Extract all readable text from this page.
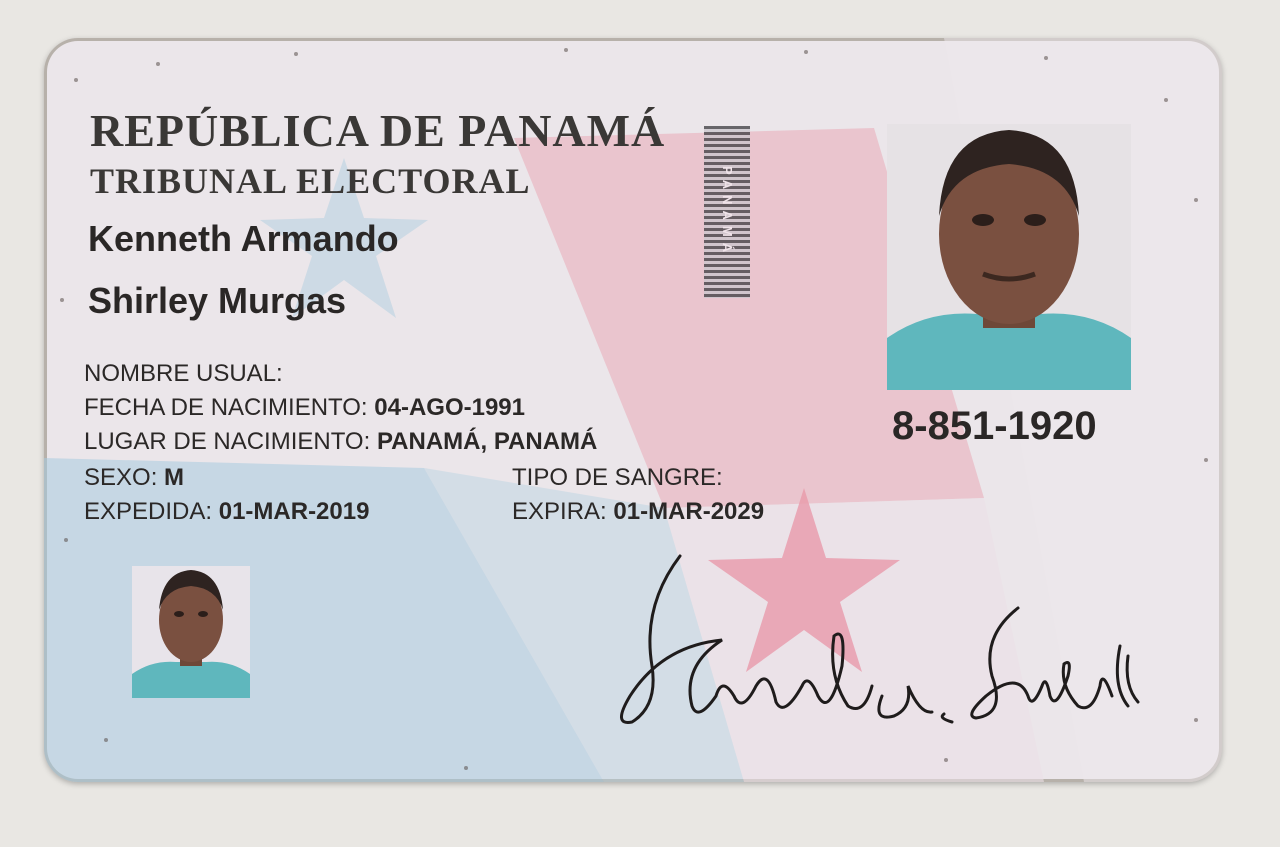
REPÚBLICA DE PANAMÁ
TRIBUNAL ELECTORAL	PANAMÁ
Kenneth Armando
Shirley Murgas
NOMBRE USUAL:
FECHA DE NACIMIENTO: 04-AGO-1991
LUGAR DE NACIMIENTO: PANAMÁ, PANAMÁ
SEXO: M	TIPO DE SANGRE:
EXPEDIDA: 01-MAR-2019	EXPIRA: 01-MAR-2029
8-851-1920
